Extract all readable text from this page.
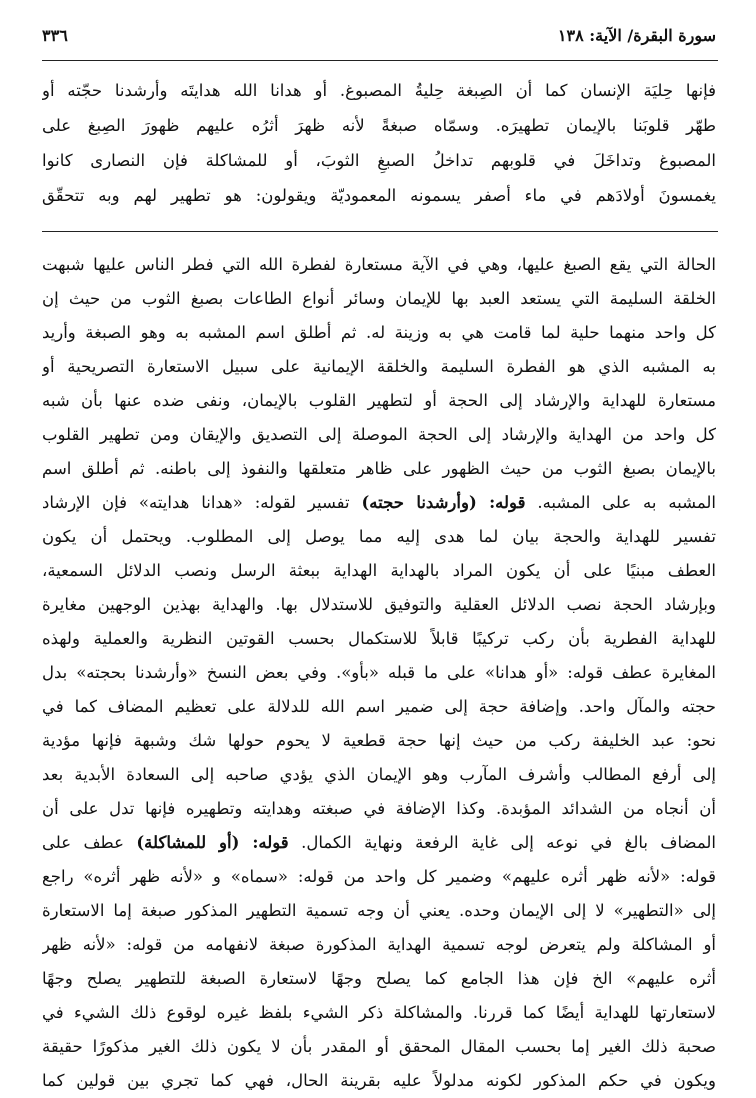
سورة البقرة/ الآية: ١٣٨
٣٣٦
فإنها حِليَة الإنسان كما أن الصِبغة حِليةُ المصبوغ. أو هدانا الله هدايتَه وأرشدنا حجّته أو
طهّر قلوبَنا بالإيمان تطهيرَه. وسمّاه صبغةً لأنه ظهرَ أثرُه عليهم ظهورَ الصِبغ على
المصبوغ وتداخَلَ في قلوبهم تداخلُ الصبغِ الثوبَ، أو للمشاكلة فإن النصارى كانوا
يغمسونَ أولادَهم في ماء أصفر يسمونه المعموديّة ويقولون: هو تطهير لهم وبه تتحقّق
الحالة التي يقع الصبغ عليها، وهي في الآية مستعارة لفطرة الله التي فطر الناس عليها شبهت
الخلقة السليمة التي يستعد العبد بها للإيمان وسائر أنواع الطاعات بصبغ الثوب من حيث إن
كل واحد منهما حلية لما قامت هي به وزينة له. ثم أطلق اسم المشبه به وهو الصبغة وأريد
به المشبه الذي هو الفطرة السليمة والخلقة الإيمانية على سبيل الاستعارة التصريحية أو
مستعارة للهداية والإرشاد إلى الحجة أو لتطهير القلوب بالإيمان، ونفى ضده عنها بأن شبه
كل واحد من الهداية والإرشاد إلى الحجة الموصلة إلى التصديق والإيقان ومن تطهير القلوب
بالإيمان بصبغ الثوب من حيث الظهور على ظاهر متعلقها والنفوذ إلى باطنه. ثم أطلق اسم
المشبه به على المشبه. قوله: (وأرشدنا حجته) تفسير لقوله: «هدانا هدايته» فإن الإرشاد
تفسير للهداية والحجة بيان لما هدى إليه مما يوصل إلى المطلوب. ويحتمل أن يكون
العطف مبنيًا على أن يكون المراد بالهداية الهداية ببعثة الرسل ونصب الدلائل السمعية،
وبإرشاد الحجة نصب الدلائل العقلية والتوفيق للاستدلال بها. والهداية بهذين الوجهين مغايرة
للهداية الفطرية بأن ركب تركيبًا قابلاً للاستكمال بحسب القوتين النظرية والعملية ولهذه
المغايرة عطف قوله: «أو هدانا» على ما قبله «بأو». وفي بعض النسخ «وأرشدنا بحجته» بدل
حجته والمآل واحد. وإضافة حجة إلى ضمير اسم الله للدلالة على تعظيم المضاف كما في
نحو: عبد الخليفة ركب من حيث إنها حجة قطعية لا يحوم حولها شك وشبهة فإنها مؤدية
إلى أرفع المطالب وأشرف المآرب وهو الإيمان الذي يؤدي صاحبه إلى السعادة الأبدية بعد
أن أنجاه من الشدائد المؤبدة. وكذا الإضافة في صبغته وهدايته وتطهيره فإنها تدل على أن
المضاف بالغ في نوعه إلى غاية الرفعة ونهاية الكمال. قوله: (أو للمشاكلة) عطف على
قوله: «لأنه ظهر أثره عليهم» وضمير كل واحد من قوله: «سماه» و «لأنه ظهر أثره» راجع
إلى «التطهير» لا إلى الإيمان وحده. يعني أن وجه تسمية التطهير المذكور صبغة إما الاستعارة
أو المشاكلة ولم يتعرض لوجه تسمية الهداية المذكورة صبغة لانفهامه من قوله: «لأنه ظهر
أثره عليهم» الخ فإن هذا الجامع كما يصلح وجهًا لاستعارة الصبغة للتطهير يصلح وجهًا
لاستعارتها للهداية أيضًا كما قررنا. والمشاكلة ذكر الشيء بلفظ غيره لوقوع ذلك الشيء في
صحبة ذلك الغير إما بحسب المقال المحقق أو المقدر بأن لا يكون ذلك الغير مذكورًا حقيقة
ويكون في حكم المذكور لكونه مدلولاً عليه بقرينة الحال، فهي كما تجري بين قولين كما
